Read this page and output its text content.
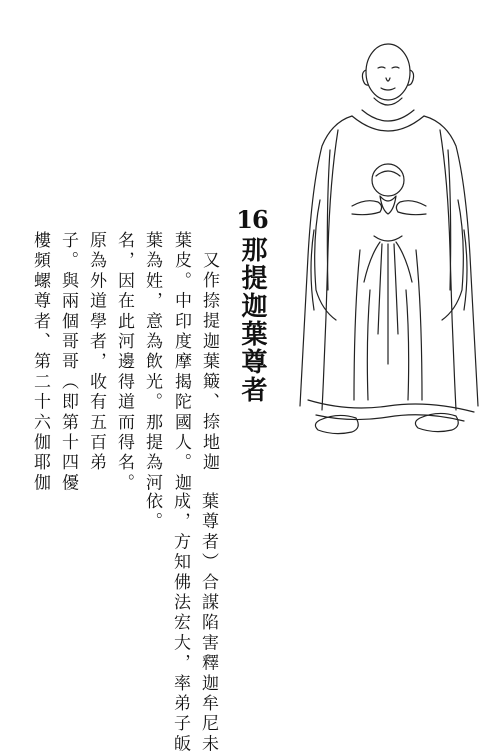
16
那提迦葉尊者
又作捺提迦葉簸、捺地迦
葉皮。中印度摩揭陀國人。迦
葉為姓，意為飲光。那提為河
名，因在此河邊得道而得名。
原為外道學者，收有五百弟
子。與兩個哥哥（即第十四優
樓頻螺尊者、第二十六伽耶伽
葉尊者）合謀陷害釋迦牟尼未
成，方知佛法宏大，率弟子皈
依。
